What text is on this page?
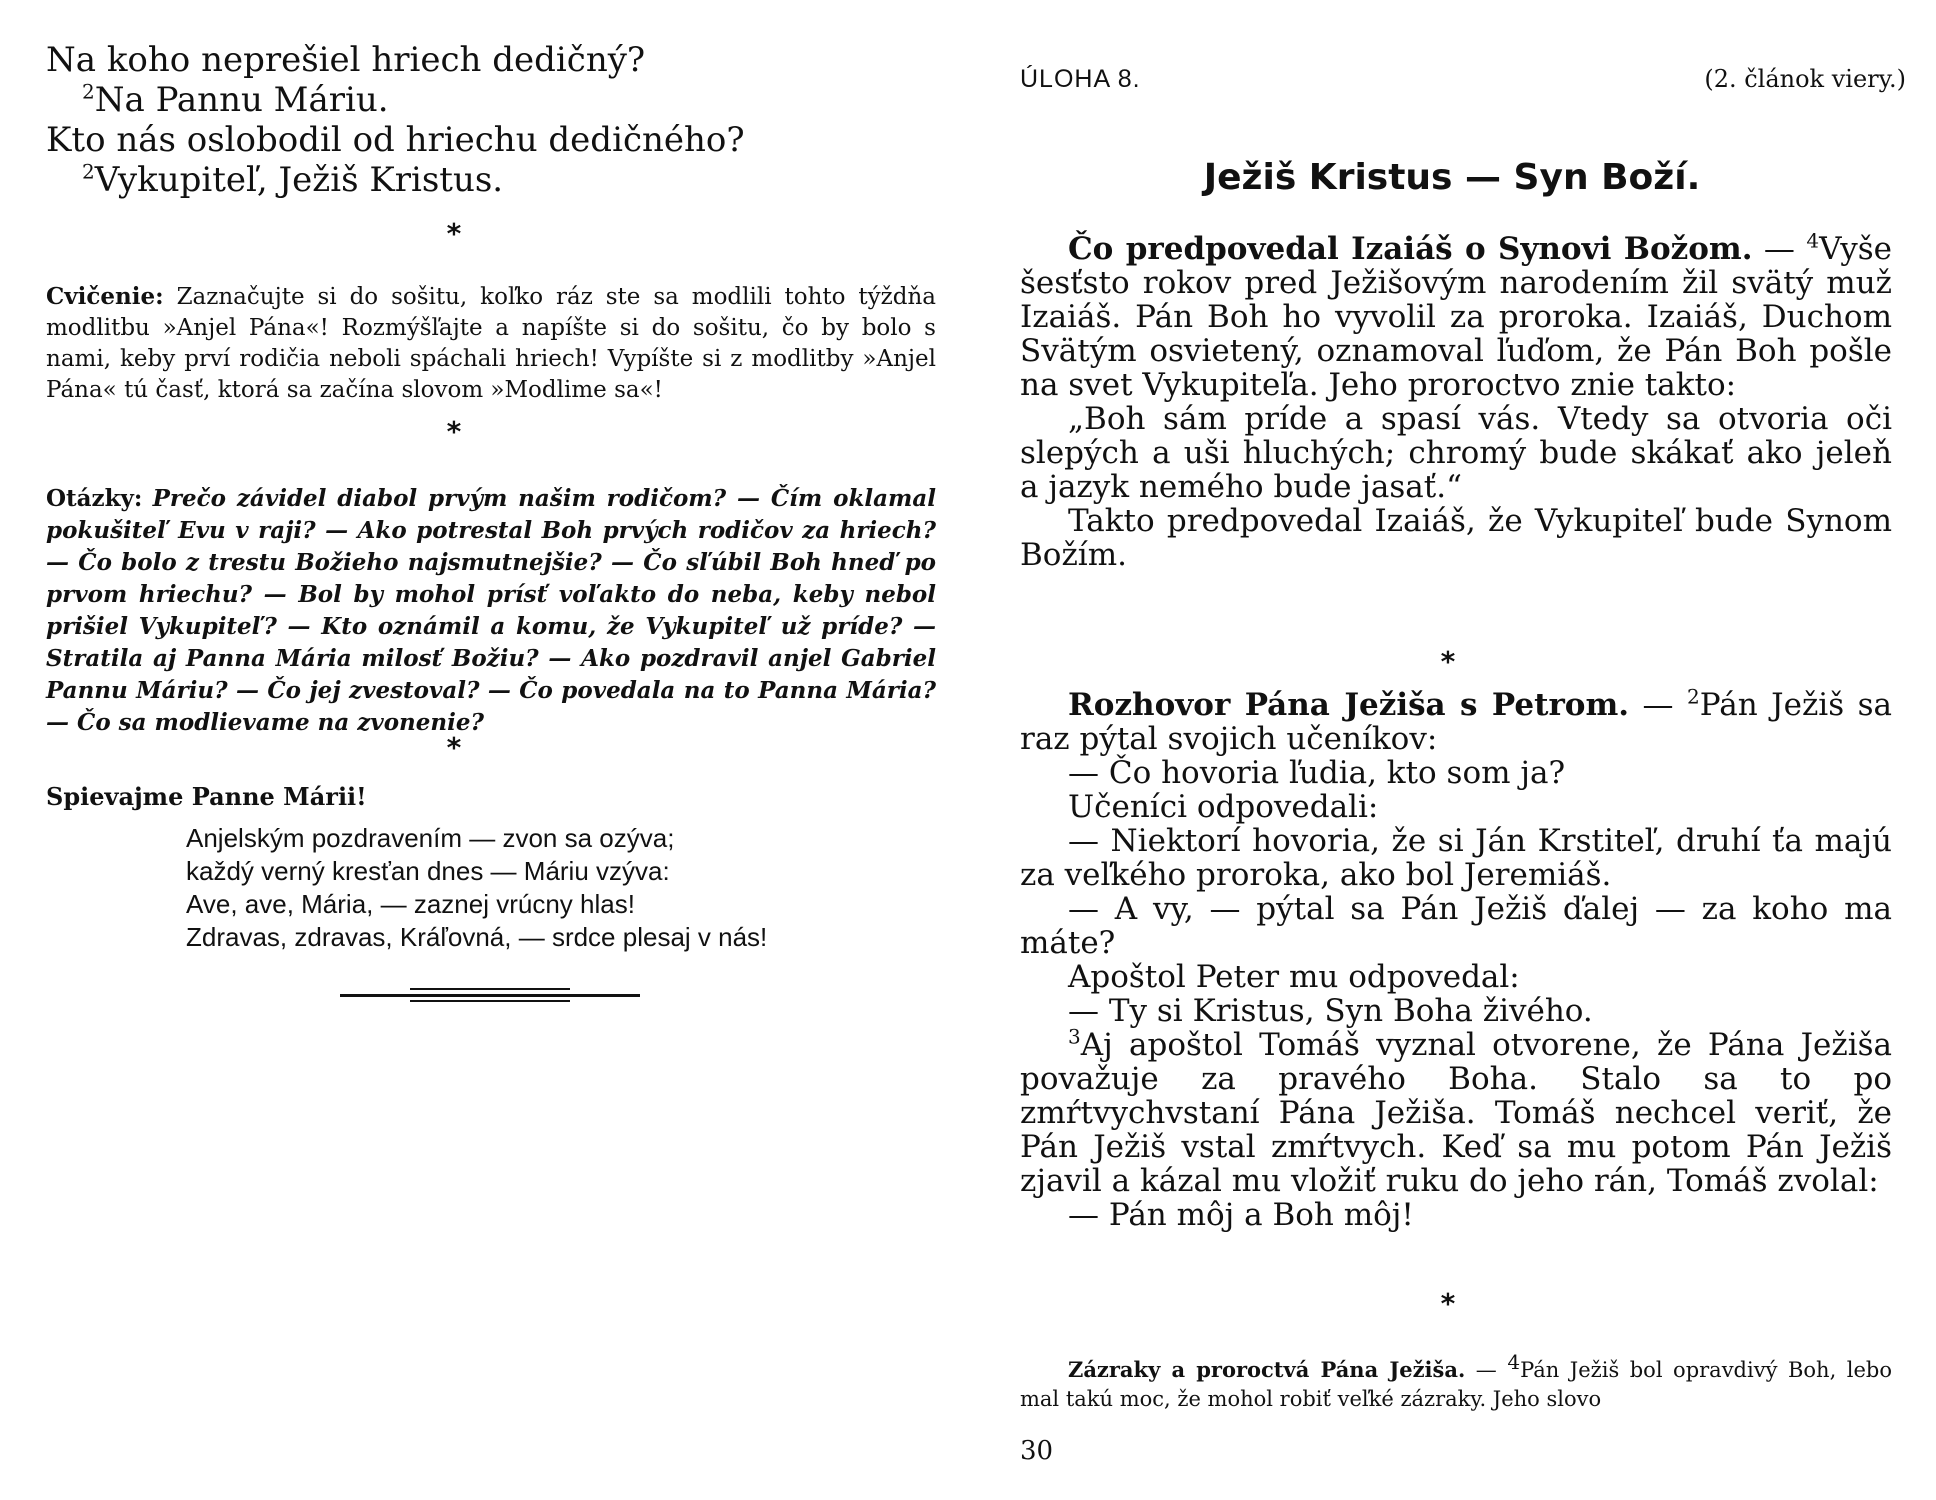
Na koho neprešiel hriech dedičný?
$^2$Na Pannu Máriu.
Kto nás oslobodil od hriechu dedičného?
$^2$Vykupiteľ, Ježiš Kristus.
*

Cvičenie: Zaznačujte si do sošitu, koľko ráz ste sa modlili tohto týždňa modlitbu »Anjel Pána«! Rozmýšľajte a napíšte si do sošitu, čo by bolo s nami, keby prví rodičia neboli spáchali hriech! Vypíšte si z modlitby »Anjel Pána« tú časť, ktorá sa začína slovom »Modlime sa«!

*

Otázky: Prečo závidel diabol prvým našim rodičom? — Čím oklamal pokušiteľ Evu v raji? — Ako potrestal Boh prvých rodičov za hriech? — Čo bolo z trestu Božieho najsmutnejšie? — Čo sľúbil Boh hneď po prvom hriechu? — Bol by mohol prísť voľakto do neba, keby nebol prišiel Vykupiteľ? — Kto oznámil a komu, že Vykupiteľ už príde? — Stratila aj Panna Mária milosť Božiu? — Ako pozdravil anjel Gabriel Pannu Máriu? — Čo jej zvestoval? — Čo povedala na to Panna Mária? — Čo sa modlievame na zvonenie?

*
Spievajme Panne Márii!
Anjelským pozdravením — zvon sa ozýva;
každý verný kresťan dnes — Máriu vzýva:
Ave, ave, Mária, — zaznej vrúcny hlas!
Zdravas, zdravas, Kráľovná, — srdce plesaj v nás!
ÚLOHA 8.	(2. článok viery.)
Ježiš Kristus — Syn Boží.

Čo predpovedal Izaiáš o Synovi Božom. — $^4$Vyše šesťsto rokov pred Ježišovým narodením žil svätý muž Izaiáš. Pán Boh ho vyvolil za proroka. Izaiáš, Duchom Svätým osvietený, oznamoval ľuďom, že Pán Boh pošle na svet Vykupiteľa. Jeho proroctvo znie takto:

„Boh sám príde a spasí vás. Vtedy sa otvoria oči slepých a uši hluchých; chromý bude skákať ako jeleň a jazyk nemého bude jasať.“

Takto predpovedal Izaiáš, že Vykupiteľ bude Synom Božím.

*

Rozhovor Pána Ježiša s Petrom. — $^2$Pán Ježiš sa raz pýtal svojich učeníkov:

— Čo hovoria ľudia, kto som ja?

Učeníci odpovedali:

— Niektorí hovoria, že si Ján Krstiteľ, druhí ťa majú za veľkého proroka, ako bol Jeremiáš.

— A vy, — pýtal sa Pán Ježiš ďalej — za koho ma máte?

Apoštol Peter mu odpovedal:

— Ty si Kristus, Syn Boha živého.

$^3$Aj apoštol Tomáš vyznal otvorene, že Pána Ježiša považuje za pravého Boha. Stalo sa to po zmŕtvychvstaní Pána Ježiša. Tomáš nechcel veriť, že Pán Ježiš vstal zmŕtvych. Keď sa mu potom Pán Ježiš zjavil a kázal mu vložiť ruku do jeho rán, Tomáš zvolal:

— Pán môj a Boh môj!

*

Zázraky a proroctvá Pána Ježiša. — 4Pán Ježiš bol opravdivý Boh, lebo mal takú moc, že mohol robiť veľké zázraky. Jeho slovo

30
